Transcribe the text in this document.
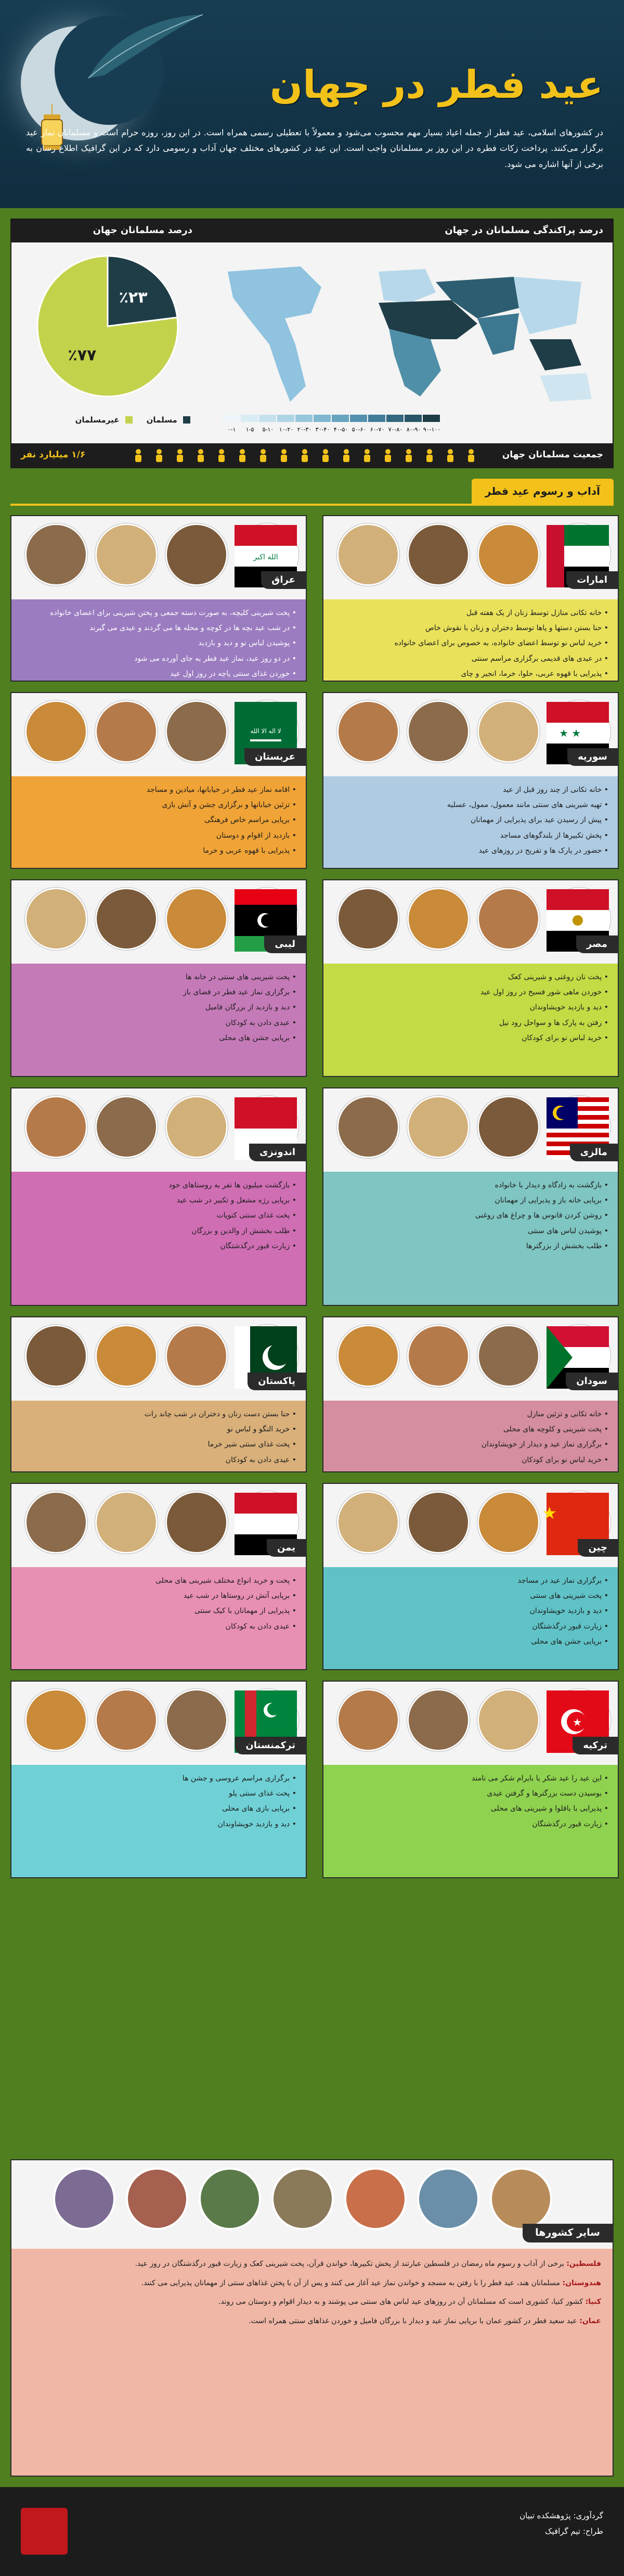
عید فطر در جهان
در کشورهای اسلامی، عید فطر از جمله اعیاد بسیار مهم محسوب می‌شود و معمولاً با تعطیلی رسمی همراه است. در این روز، روزه حرام است و مسلمانان نماز عید برگزار می‌کنند. پرداخت زکات فطره در این روز بر مسلمانان واجب است. این عید در کشورهای مختلف جهان آداب و رسومی دارد که در این گرافیک اطلاع رسان به برخی از آنها اشاره می شود.
درصد پراکندگی مسلمانان در جهان
درصد مسلمانان جهان
۰-۱ ۱-۵ ۵-۱۰ ۱۰-۲۰ ۲۰-۳۰ ۳۰-۴۰ ۴۰-۵۰ ۵۰-۶۰ ۶۰-۷۰ ۷۰-۸۰ ۸۰-۹۰ ۹۰-۱۰۰
٪۲۳
٪۷۷
مسلمان     غیرمسلمان
جمعیت مسلمانان جهان
۱/۶ میلیارد نفر
آداب و رسوم عید فطر
امارات

• خانه تکانی منازل توسط زنان از یک هفته قبل

• حنا بستن دستها و پاها توسط دختران و زنان با نقوش خاص

• خرید لباس نو توسط اعضای خانواده، به خصوص برای اعضای خانواده

• در عیدی های قدیمی برگزاری مراسم سنتی

• پذیرایی با قهوه عربی، حلوا، خرما، انجیر و چای

الله اكبر
عراق

• پخت شیرینی کلیچه، به صورت دسته جمعی و پختن شیرینی برای اعضای خانواده

• در شب عید بچه ها در کوچه و محله ها می گردند و عیدی می گیرند

• پوشیدن لباس نو و دید و بازدید

• در دو روز عید، نماز عید فطر به جای آورده می شود

• خوردن غذای سنتی پاچه در روز اول عید

★ ★
سوریه

• خانه تکانی از چند روز قبل از عید

• تهیه شیرینی های سنتی مانند معمول، ممول، عسلیه

• پیش از رسیدن عید برای پذیرایی از مهمانان

• پخش تکبیرها از بلندگوهای مساجد

• حضور در پارک ها و تفریح در روزهای عید

لا اله الا الله
عربستان

• اقامه نماز عید فطر در خیابانها، میادین و مساجد

• تزئین خیابانها و برگزاری جشن و آتش بازی

• برپایی مراسم خاص فرهنگی

• بازدید از اقوام و دوستان

• پذیرایی با قهوه عربی و خرما

مصر

• پخت نان روغنی و شیرینی کعک

• خوردن ماهی شور فسیخ در روز اول عید

• دید و بازدید خویشاوندان

• رفتن به پارک ها و سواحل رود نیل

• خرید لباس نو برای کودکان

لیبی

• پخت شیرینی های سنتی در خانه ها

• برگزاری نماز عید فطر در فضای باز

• دید و بازدید از بزرگان فامیل

• عیدی دادن به کودکان

• برپایی جشن های محلی

مالزی

• بازگشت به زادگاه و دیدار با خانواده

• برپایی خانه باز و پذیرایی از مهمانان

• روشن کردن فانوس ها و چراغ های روغنی

• پوشیدن لباس های سنتی

• طلب بخشش از بزرگترها

اندونزی

• بازگشت میلیون ها نفر به روستاهای خود

• برپایی رژه مشعل و تکبیر در شب عید

• پخت غذای سنتی کتوپات

• طلب بخشش از والدین و بزرگان

• زیارت قبور درگذشتگان

سودان

• خانه تکانی و تزئین منازل

• پخت شیرینی و کلوچه های محلی

• برگزاری نماز عید و دیدار از خویشاوندان

• خرید لباس نو برای کودکان

پاکستان

• حنا بستن دست زنان و دختران در شب چاند رات

• خرید النگو و لباس نو

• پخت غذای سنتی شیر خرما

• عیدی دادن به کودکان

★
چین

• برگزاری نماز عید در مساجد

• پخت شیرینی های سنتی

• دید و بازدید خویشاوندان

• زیارت قبور درگذشتگان

• برپایی جشن های محلی

یمن

• پخت و خرید انواع مختلف شیرینی های محلی

• برپایی آتش در روستاها در شب عید

• پذیرایی از مهمانان با کیک سنتی

• عیدی دادن به کودکان

★
ترکیه

• این عید را عید شکر یا بایرام شکر می نامند

• بوسیدن دست بزرگترها و گرفتن عیدی

• پذیرایی با باقلوا و شیرینی های محلی

• زیارت قبور درگذشتگان

ترکمنستان

• برگزاری مراسم عروسی و جشن ها

• پخت غذای سنتی پلو

• برپایی بازی های محلی

• دید و بازدید خویشاوندان

سایر کشورها

فلسطین: برخی از آداب و رسوم ماه رمضان در فلسطین عبارتند از پخش تکبیرها، خواندن قرآن، پخت شیرینی کعک و زیارت قبور درگذشتگان در روز عید.

هندوستان: مسلمانان هند، عید فطر را با رفتن به مسجد و خواندن نماز عید آغاز می کنند و پس از آن با پختن غذاهای سنتی از مهمانان پذیرایی می کنند.

کنیا: کشور کنیا، کشوری است که مسلمانان آن در روزهای عید لباس های سنتی می پوشند و به دیدار اقوام و دوستان می روند.

عمان: عید سعید فطر در کشور عمان با برپایی نماز عید و دیدار با بزرگان فامیل و خوردن غذاهای سنتی همراه است.

گردآوری: پژوهشکده تبیان
طراح: تیم گرافیک
